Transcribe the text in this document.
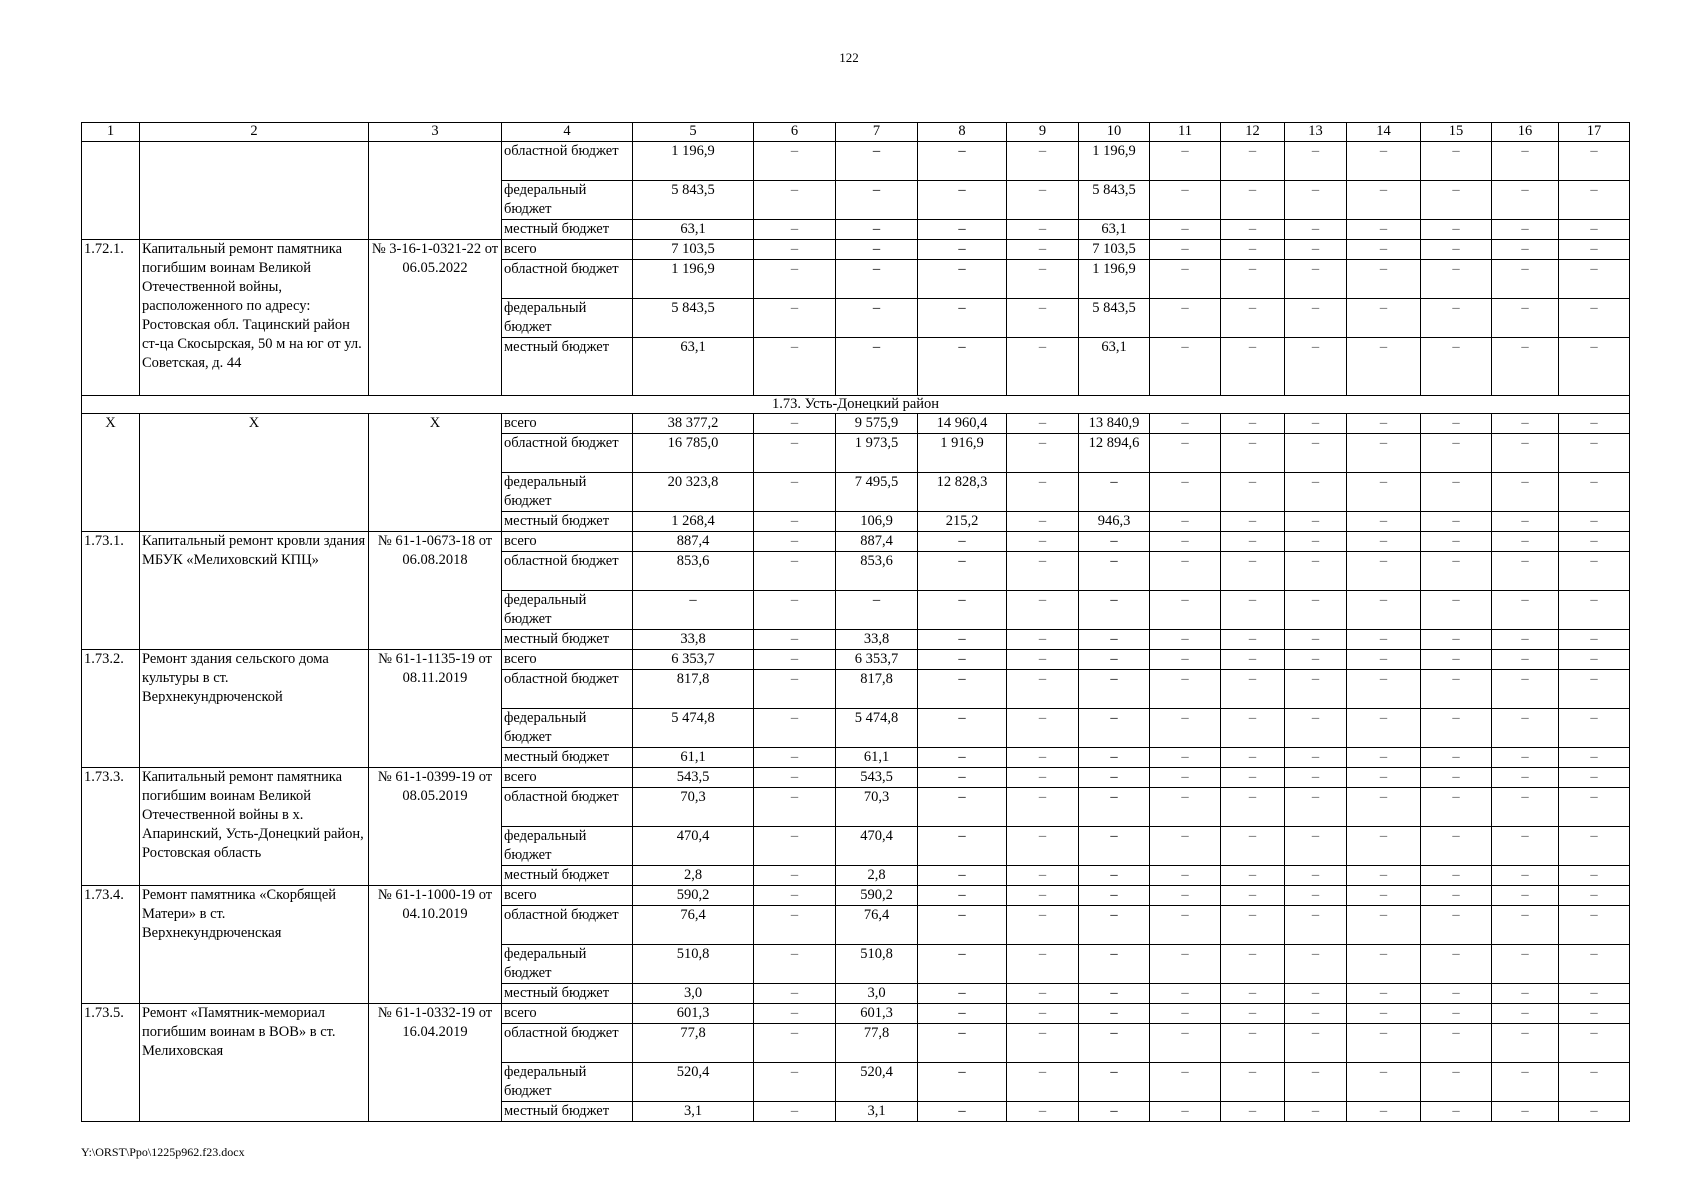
122
1	2	3	4	5	6	7	8	9	10	11	12	13	14	15	16	17
			областной бюджет	1 196,9	–	–	–	–	1 196,9	–	–	–	–	–	–	–
			федеральный бюджет	5 843,5	–	–	–	–	5 843,5	–	–	–	–	–	–	–
			местный бюджет	63,1	–	–	–	–	63,1	–	–	–	–	–	–	–
1.72.1.	Капитальный ремонт памятника погибшим воинам Великой Отечественной войны, расположенного по адресу: Ростовская обл. Тацинский район ст-ца Скосырская, 50 м на юг от ул. Советская, д. 44	№ 3-16-1-0321-22 от 06.05.2022	всего	7 103,5	–	–	–	–	7 103,5	–	–	–	–	–	–	–
			областной бюджет	1 196,9	–	–	–	–	1 196,9	–	–	–	–	–	–	–
			федеральный бюджет	5 843,5	–	–	–	–	5 843,5	–	–	–	–	–	–	–
			местный бюджет	63,1	–	–	–	–	63,1	–	–	–	–	–	–	–
1.73. Усть-Донецкий район																
Х	Х	Х	всего	38 377,2	–	9 575,9	14 960,4	–	13 840,9	–	–	–	–	–	–	–
			областной бюджет	16 785,0	–	1 973,5	1 916,9	–	12 894,6	–	–	–	–	–	–	–
			федеральный бюджет	20 323,8	–	7 495,5	12 828,3	–	–	–	–	–	–	–	–	–
			местный бюджет	1 268,4	–	106,9	215,2	–	946,3	–	–	–	–	–	–	–
1.73.1.	Капитальный ремонт кровли здания МБУК «Мелиховский КПЦ»	№ 61-1-0673-18 от 06.08.2018	всего	887,4	–	887,4	–	–	–	–	–	–	–	–	–	–
			областной бюджет	853,6	–	853,6	–	–	–	–	–	–	–	–	–	–
			федеральный бюджет	–	–	–	–	–	–	–	–	–	–	–	–	–
			местный бюджет	33,8	–	33,8	–	–	–	–	–	–	–	–	–	–
1.73.2.	Ремонт здания сельского дома культуры в ст. Верхнекундрюченской	№ 61-1-1135-19 от 08.11.2019	всего	6 353,7	–	6 353,7	–	–	–	–	–	–	–	–	–	–
			областной бюджет	817,8	–	817,8	–	–	–	–	–	–	–	–	–	–
			федеральный бюджет	5 474,8	–	5 474,8	–	–	–	–	–	–	–	–	–	–
			местный бюджет	61,1	–	61,1	–	–	–	–	–	–	–	–	–	–
1.73.3.	Капитальный ремонт памятника погибшим воинам Великой Отечественной войны в х. Апаринский, Усть-Донецкий район, Ростовская область	№ 61-1-0399-19 от 08.05.2019	всего	543,5	–	543,5	–	–	–	–	–	–	–	–	–	–
			областной бюджет	70,3	–	70,3	–	–	–	–	–	–	–	–	–	–
			федеральный бюджет	470,4	–	470,4	–	–	–	–	–	–	–	–	–	–
			местный бюджет	2,8	–	2,8	–	–	–	–	–	–	–	–	–	–
1.73.4.	Ремонт памятника «Скорбящей Матери» в ст. Верхнекундрюченская	№ 61-1-1000-19 от 04.10.2019	всего	590,2	–	590,2	–	–	–	–	–	–	–	–	–	–
			областной бюджет	76,4	–	76,4	–	–	–	–	–	–	–	–	–	–
			федеральный бюджет	510,8	–	510,8	–	–	–	–	–	–	–	–	–	–
			местный бюджет	3,0	–	3,0	–	–	–	–	–	–	–	–	–	–
1.73.5.	Ремонт «Памятник-мемориал погибшим воинам в ВОВ» в ст. Мелиховская	№ 61-1-0332-19 от 16.04.2019	всего	601,3	–	601,3	–	–	–	–	–	–	–	–	–	–
			областной бюджет	77,8	–	77,8	–	–	–	–	–	–	–	–	–	–
			федеральный бюджет	520,4	–	520,4	–	–	–	–	–	–	–	–	–	–
			местный бюджет	3,1	–	3,1	–	–	–	–	–	–	–	–	–	–
Y:\ORST\Ppo\1225p962.f23.docx
